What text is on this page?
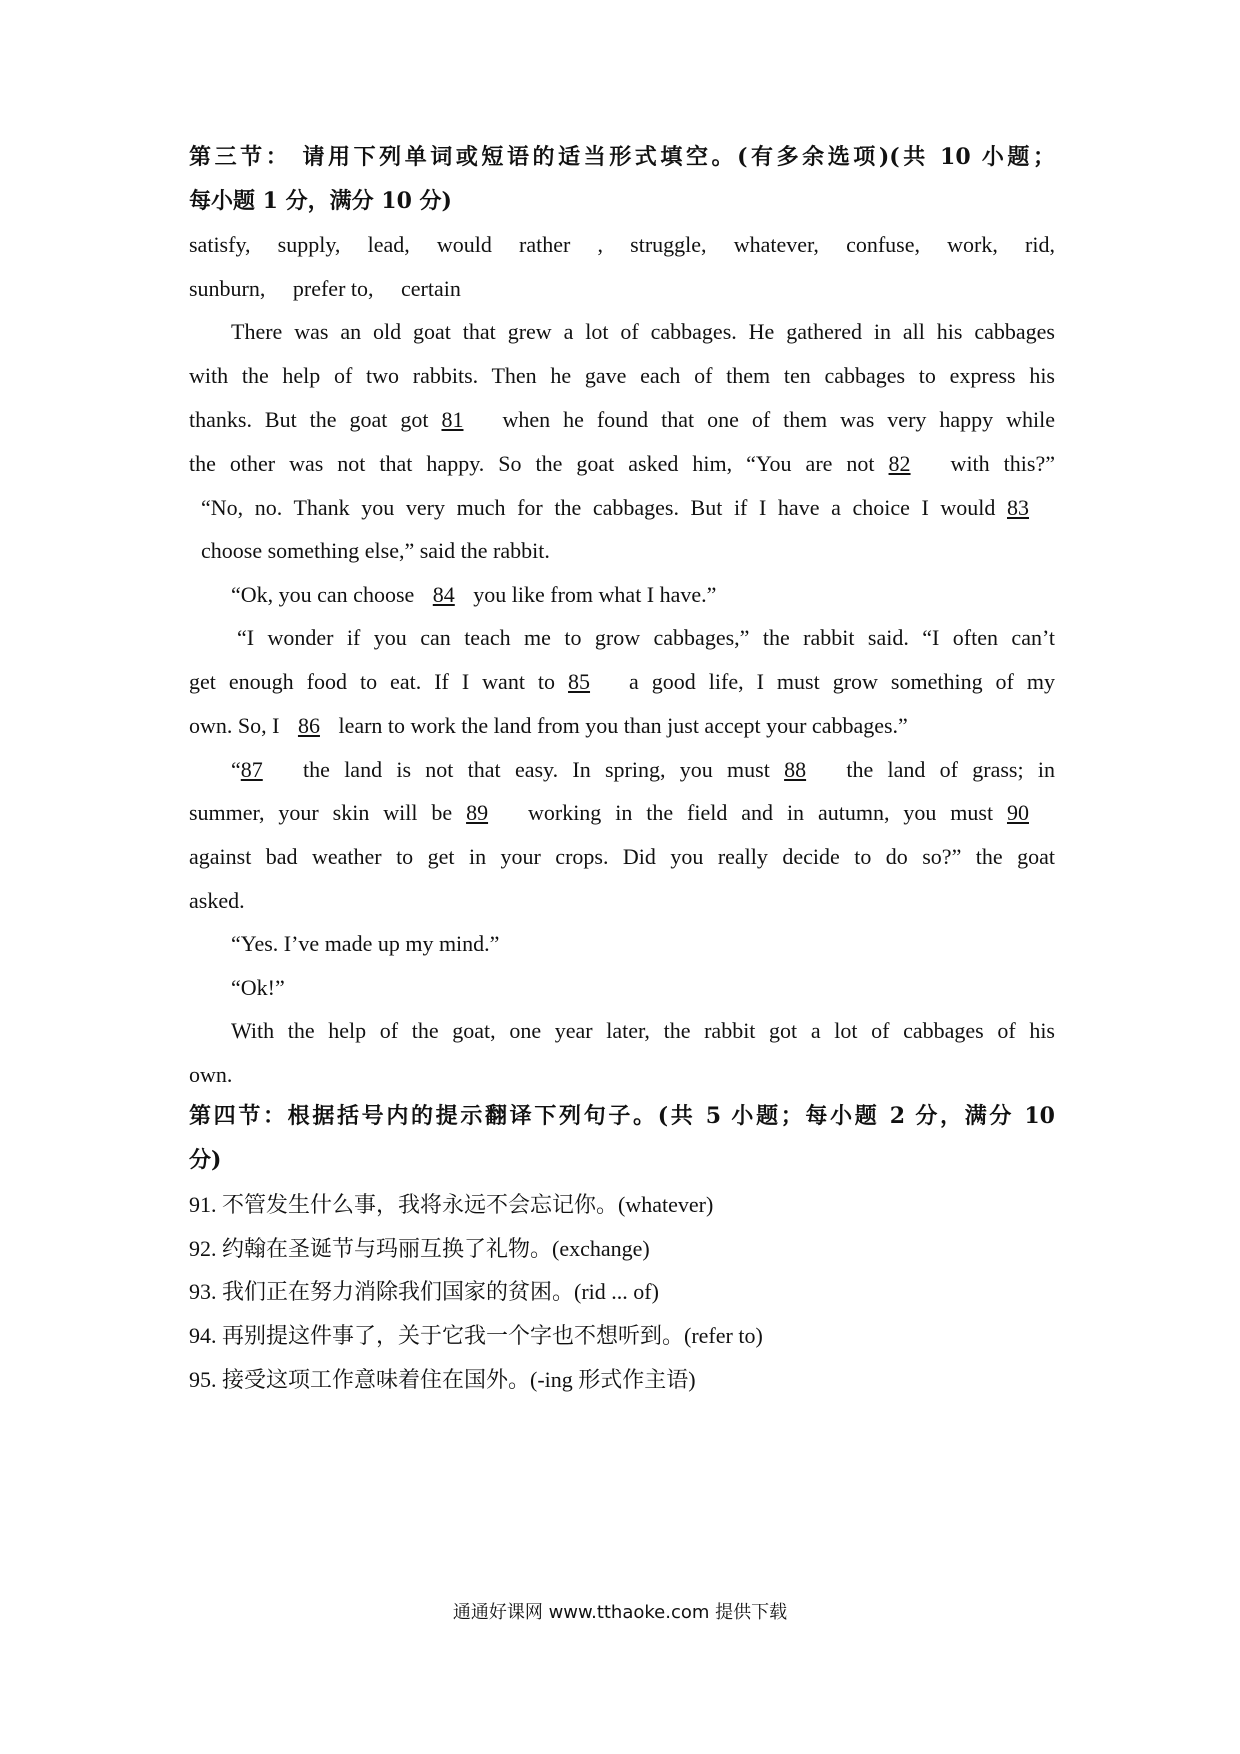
第三节： 请用下列单词或短语的适当形式填空。(有多余选项)(共 10 小题；
每小题 1 分，满分 10 分)
satisfy, supply, lead, would rather , struggle, whatever, confuse, work, rid,
sunburn,     prefer to,     certain
There was an old goat that grew a lot of cabbages. He gathered in all his cabbages
with the help of two rabbits. Then he gave each of them ten cabbages to express his
thanks. But the goat got 81 when he found that one of them was very happy while
the other was not that happy. So the goat asked him, “You are not 82 with this?”
“No, no. Thank you very much for the cabbages. But if I have a choice I would 83
choose something else,” said the rabbit.
“Ok, you can choose 84 you like from what I have.”
“I wonder if you can teach me to grow cabbages,” the rabbit said. “I often can’t
get enough food to eat. If I want to 85 a good life, I must grow something of my
own. So, I 86 learn to work the land from you than just accept your cabbages.”
“87 the land is not that easy. In spring, you must 88 the land of grass; in
summer, your skin will be 89 working in the field and in autumn, you must 90
against bad weather to get in your crops. Did you really decide to do so?” the goat
asked.
“Yes. I’ve made up my mind.”
“Ok!”
With the help of the goat, one year later, the rabbit got a lot of cabbages of his
own.
第四节：根据括号内的提示翻译下列句子。(共 5 小题；每小题 2 分，满分 10
分)
91. 不管发生什么事，我将永远不会忘记你。(whatever)
92. 约翰在圣诞节与玛丽互换了礼物。(exchange)
93. 我们正在努力消除我们国家的贫困。(rid ... of)
94. 再别提这件事了，关于它我一个字也不想听到。(refer to)
95. 接受这项工作意味着住在国外。(-ing 形式作主语)
通通好课网 www.tthaoke.com 提供下载
